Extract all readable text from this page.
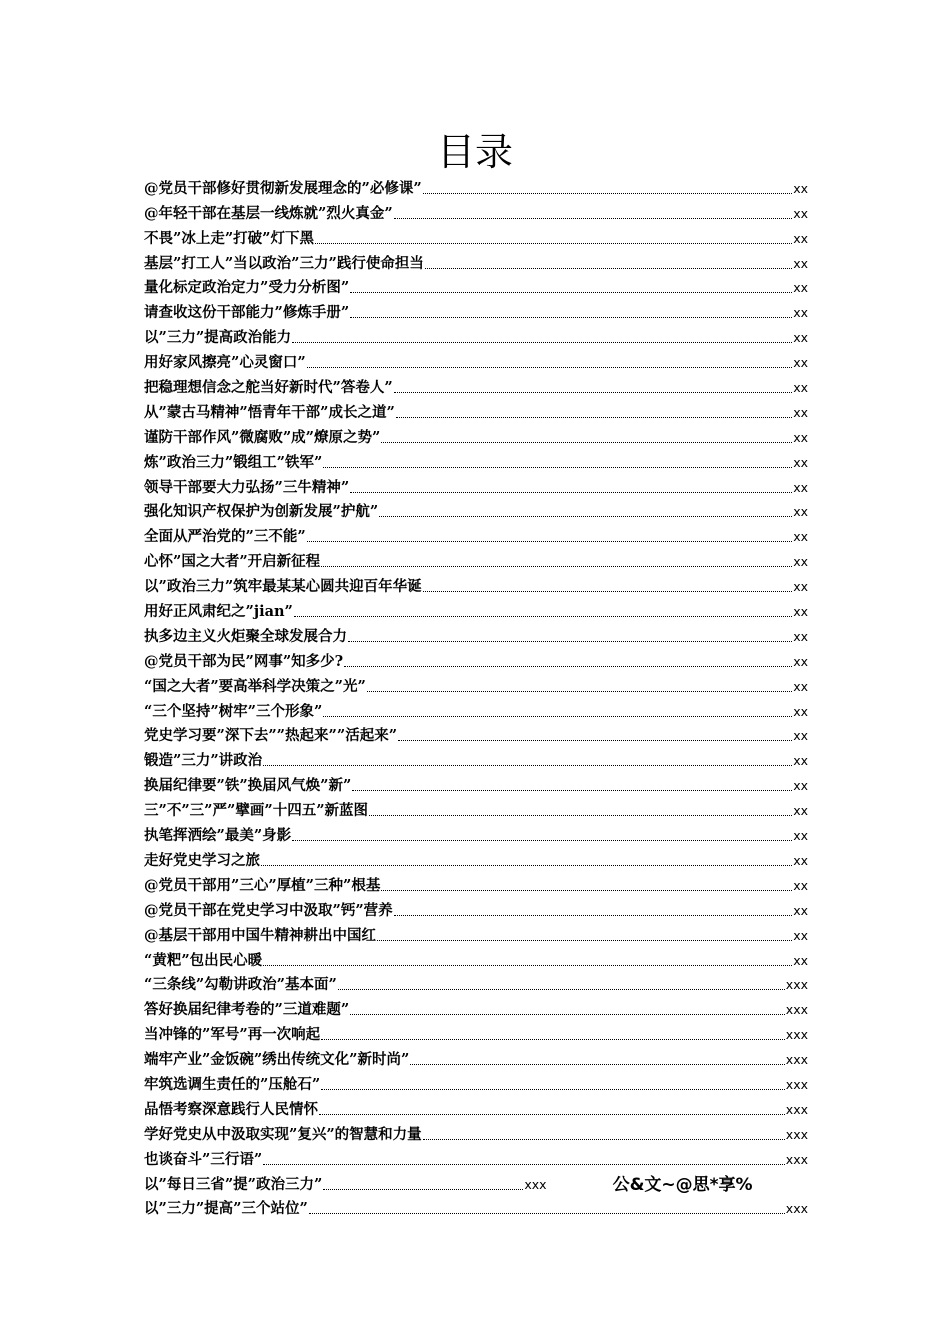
目录
@党员干部修好贯彻新发展理念的”必修课”	xx
@年轻干部在基层一线炼就”烈火真金”	xx
不畏”冰上走”打破”灯下黑	xx
基层”打工人”当以政治”三力”践行使命担当	xx
量化标定政治定力”受力分析图”	xx
请查收这份干部能力”修炼手册”	xx
以”三力”提高政治能力	xx
用好家风擦亮”心灵窗口”	xx
把稳理想信念之舵当好新时代”答卷人”	xx
从”蒙古马精神”悟青年干部”成长之道”	xx
谨防干部作风”微腐败”成”燎原之势”	xx
炼”政治三力”锻组工”铁军”	xx
领导干部要大力弘扬”三牛精神”	xx
强化知识产权保护为创新发展”护航”	xx
全面从严治党的”三不能”	xx
心怀”国之大者”开启新征程	xx
以”政治三力”筑牢最某某心圆共迎百年华诞	xx
用好正风肃纪之”jian”	xx
执多边主义火炬聚全球发展合力	xx
@党员干部为民”网事”知多少?	xx
“国之大者”要高举科学决策之”光”	xx
“三个坚持”树牢”三个形象”	xx
党史学习要”深下去””热起来””活起来”	xx
锻造”三力”讲政治	xx
换届纪律要”铁”换届风气焕”新”	xx
三”不”三”严”擘画”十四五”新蓝图	xx
执笔挥洒绘”最美”身影	xx
走好党史学习之旅	xx
@党员干部用”三心”厚植”三种”根基	xx
@党员干部在党史学习中汲取”钙”营养	xx
@基层干部用中国牛精神耕出中国红	xx
“黄粑”包出民心暖	xx
“三条线”勾勒讲政治”基本面”	xxx
答好换届纪律考卷的”三道难题”	xxx
当冲锋的”军号”再一次响起	xxx
端牢产业”金饭碗”绣出传统文化”新时尚”	xxx
牢筑选调生责任的”压舱石”	xxx
品悟考察深意践行人民情怀	xxx
学好党史从中汲取实现”复兴”的智慧和力量	xxx
也谈奋斗”三行语”	xxx
以”每日三省”提”政治三力”	xxx	公&文~@思*享%
以”三力”提高”三个站位”	xxx
